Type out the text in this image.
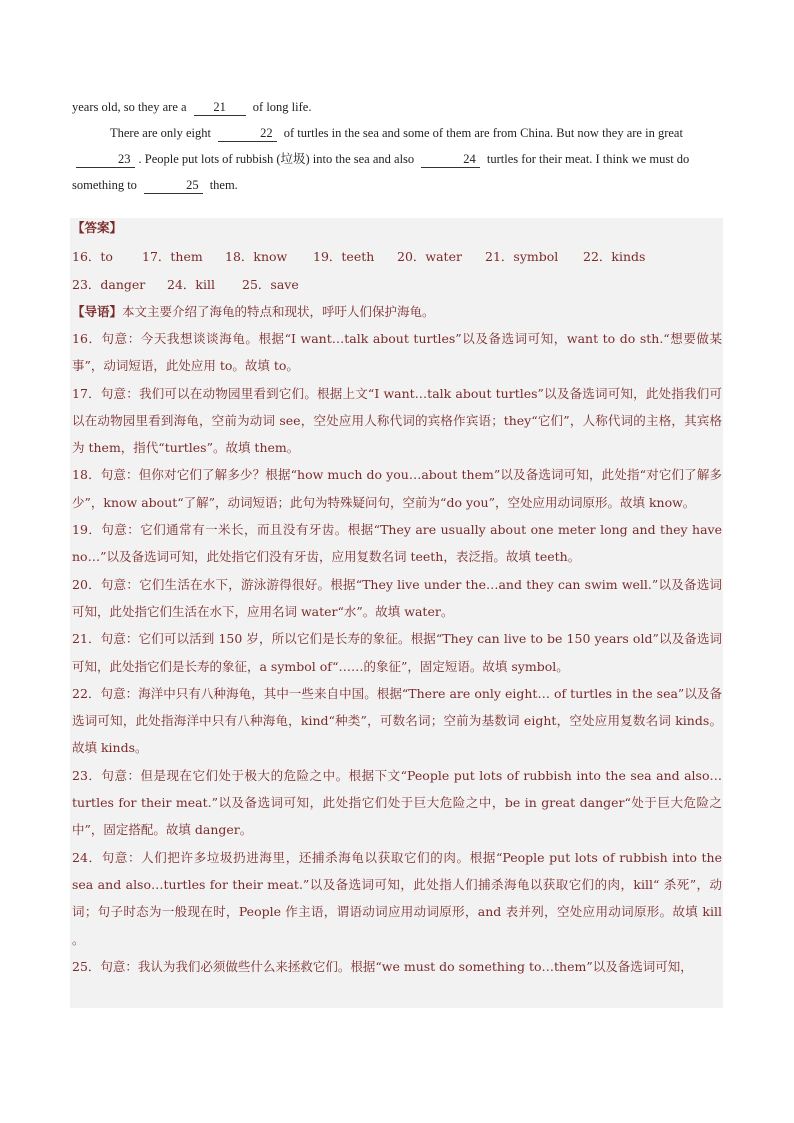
years old, so they are a 21 of long life.

There are only eight	22 of turtles in the sea and some of them are from China. But now they are in great 23 . People put lots of rubbish (垃圾) into the sea and also	24 turtles for their meat. I think we must do something to	25 them.

【答案】
16．to 17．them 18．know 19．teeth 20．water 21．symbol 22．kinds
23．danger 24．kill 25．save
【导语】本文主要介绍了海龟的特点和现状，呼吁人们保护海龟。

16．句意：今天我想谈谈海龟。根据“I want…talk about turtles”以及备选词可知，want to do sth.“想要做某事”，动词短语，此处应用 to。故填 to。

17．句意：我们可以在动物园里看到它们。根据上文“I want…talk about turtles”以及备选词可知，此处指我们可以在动物园里看到海龟，空前为动词 see，空处应用人称代词的宾格作宾语；they“它们”，人称代词的主格，其宾格为 them，指代“turtles”。故填 them。

18．句意：但你对它们了解多少？根据“how much do you…about them”以及备选词可知，此处指“对它们了解多少”，know about“了解”，动词短语；此句为特殊疑问句，空前为“do you”，空处应用动词原形。故填 know。

19．句意：它们通常有一米长，而且没有牙齿。根据“They are usually about one meter long and they have no…”以及备选词可知，此处指它们没有牙齿，应用复数名词 teeth，表泛指。故填 teeth。

20．句意：它们生活在水下，游泳游得很好。根据“They live under the…and they can swim well.”以及备选词可知，此处指它们生活在水下，应用名词 water“水”。故填 water。

21．句意：它们可以活到 150 岁，所以它们是长寿的象征。根据“They can live to be 150 years old”以及备选词可知，此处指它们是长寿的象征，a symbol of“……的象征”，固定短语。故填 symbol。

22．句意：海洋中只有八种海龟，其中一些来自中国。根据“There are only eight… of turtles in the sea”以及备选词可知，此处指海洋中只有八种海龟，kind“种类”，可数名词；空前为基数词 eight，空处应用复数名词 kinds。故填 kinds。

23．句意：但是现在它们处于极大的危险之中。根据下文“People put lots of rubbish into the sea and also…turtles for their meat.”以及备选词可知，此处指它们处于巨大危险之中，be in great danger“处于巨大危险之中”，固定搭配。故填 danger。

24．句意：人们把许多垃圾扔进海里，还捕杀海龟以获取它们的肉。根据“People put lots of rubbish into the sea and also…turtles for their meat.”以及备选词可知，此处指人们捕杀海龟以获取它们的肉，kill“ 杀死”，动词；句子时态为一般现在时，People 作主语，谓语动词应用动词原形，and 表并列，空处应用动词原形。故填 kill 。

25．句意：我认为我们必须做些什么来拯救它们。根据“we must do something to…them”以及备选词可知，
